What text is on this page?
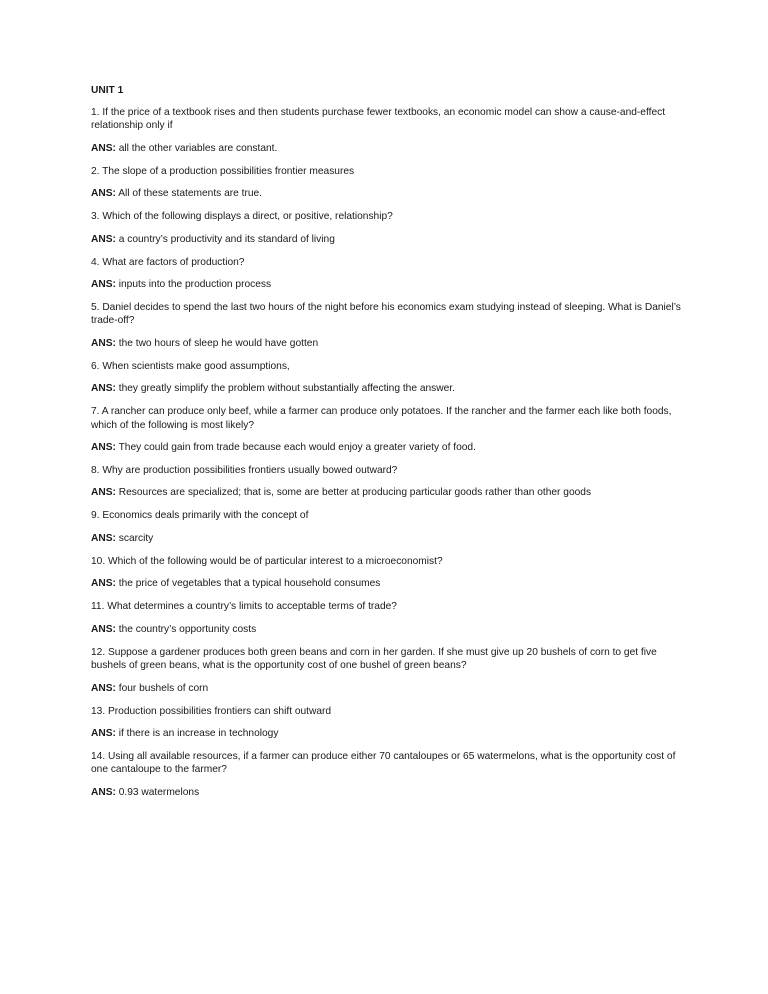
UNIT 1
1. If the price of a textbook rises and then students purchase fewer textbooks, an economic model can show a cause-and-effect relationship only if
ANS: all the other variables are constant.
2. The slope of a production possibilities frontier measures
ANS: All of these statements are true.
3. Which of the following displays a direct, or positive, relationship?
ANS: a country’s productivity and its standard of living
4. What are factors of production?
ANS: inputs into the production process
5. Daniel decides to spend the last two hours of the night before his economics exam studying instead of sleeping. What is Daniel’s trade-off?
ANS: the two hours of sleep he would have gotten
6. When scientists make good assumptions,
ANS: they greatly simplify the problem without substantially affecting the answer.
7. A rancher can produce only beef, while a farmer can produce only potatoes. If the rancher and the farmer each like both foods, which of the following is most likely?
ANS: They could gain from trade because each would enjoy a greater variety of food.
8. Why are production possibilities frontiers usually bowed outward?
ANS: Resources are specialized; that is, some are better at producing particular goods rather than other goods
9. Economics deals primarily with the concept of
ANS: scarcity
10. Which of the following would be of particular interest to a microeconomist?
ANS: the price of vegetables that a typical household consumes
11. What determines a country’s limits to acceptable terms of trade?
ANS: the country’s opportunity costs
12. Suppose a gardener produces both green beans and corn in her garden. If she must give up 20 bushels of corn to get five bushels of green beans, what is the opportunity cost of one bushel of green beans?
ANS: four bushels of corn
13. Production possibilities frontiers can shift outward
ANS: if there is an increase in technology
14. Using all available resources, if a farmer can produce either 70 cantaloupes or 65 watermelons, what is the opportunity cost of one cantaloupe to the farmer?
ANS: 0.93 watermelons
